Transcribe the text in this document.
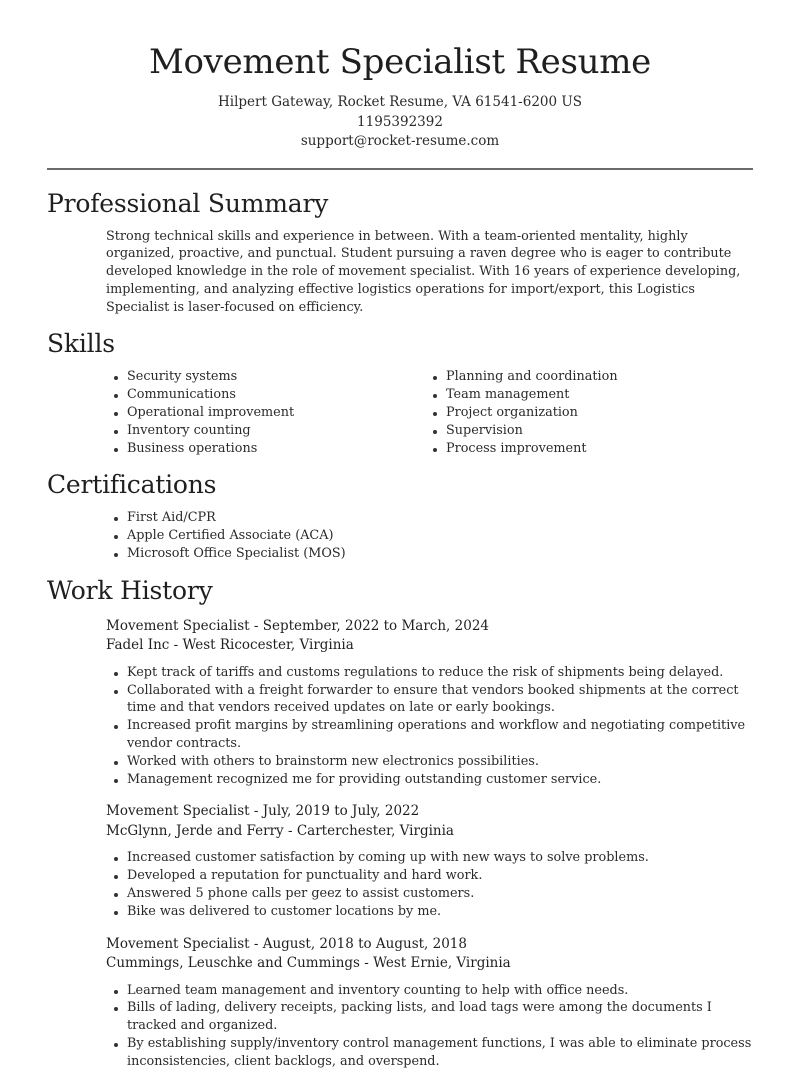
Movement Specialist Resume
Hilpert Gateway, Rocket Resume, VA 61541-6200 US
1195392392
support@rocket-resume.com
Professional Summary

Strong technical skills and experience in between. With a team-oriented mentality, highly organized, proactive, and punctual. Student pursuing a raven degree who is eager to contribute developed knowledge in the role of movement specialist. With 16 years of experience developing, implementing, and analyzing effective logistics operations for import/export, this Logistics Specialist is laser-focused on efficiency.

Skills
Security systems
Communications
Operational improvement
Inventory counting
Business operations
Planning and coordination
Team management
Project organization
Supervision
Process improvement
Certifications
First Aid/CPR
Apple Certified Associate (ACA)
Microsoft Office Specialist (MOS)
Work History
Movement Specialist - September, 2022 to March, 2024
Fadel Inc - West Ricocester, Virginia
Kept track of tariffs and customs regulations to reduce the risk of shipments being delayed.
Collaborated with a freight forwarder to ensure that vendors booked shipments at the correct time and that vendors received updates on late or early bookings.
Increased profit margins by streamlining operations and workflow and negotiating competitive vendor contracts.
Worked with others to brainstorm new electronics possibilities.
Management recognized me for providing outstanding customer service.
Movement Specialist - July, 2019 to July, 2022
McGlynn, Jerde and Ferry - Carterchester, Virginia
Increased customer satisfaction by coming up with new ways to solve problems.
Developed a reputation for punctuality and hard work.
Answered 5 phone calls per geez to assist customers.
Bike was delivered to customer locations by me.
Movement Specialist - August, 2018 to August, 2018
Cummings, Leuschke and Cummings - West Ernie, Virginia
Learned team management and inventory counting to help with office needs.
Bills of lading, delivery receipts, packing lists, and load tags were among the documents I tracked and organized.
By establishing supply/inventory control management functions, I was able to eliminate process inconsistencies, client backlogs, and overspend.
